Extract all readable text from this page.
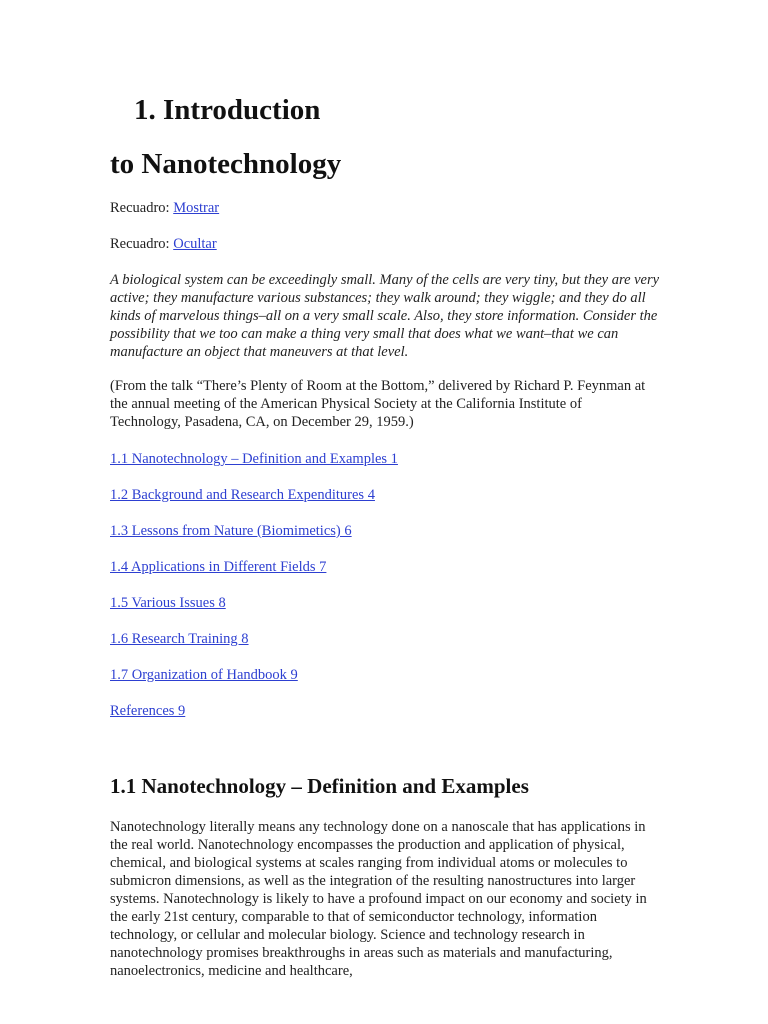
1. Introduction
to Nanotechnology
Recuadro: Mostrar
Recuadro: Ocultar

A biological system can be exceedingly small. Many of the cells are very tiny, but they are very active; they manufacture various substances; they walk around; they wiggle; and they do all kinds of marvelous things–all on a very small scale. Also, they store information. Consider the possibility that we too can make a thing very small that does what we want–that we can manufacture an object that maneuvers at that level.

(From the talk “There’s Plenty of Room at the Bottom,” delivered by Richard P. Feynman at the annual meeting of the American Physical Society at the California Institute of Technology, Pasadena, CA, on December 29, 1959.)

1.1 Nanotechnology – Definition and Examples 1
1.2 Background and Research Expenditures 4
1.3 Lessons from Nature (Biomimetics) 6
1.4 Applications in Different Fields 7
1.5 Various Issues 8
1.6 Research Training 8
1.7 Organization of Handbook 9
References 9
1.1 Nanotechnology – Definition and Examples

Nanotechnology literally means any technology done on a nanoscale that has applications in the real world. Nanotechnology encompasses the production and application of physical, chemical, and biological systems at scales ranging from individual atoms or molecules to submicron dimensions, as well as the integration of the resulting nanostructures into larger systems. Nanotechnology is likely to have a profound impact on our economy and society in the early 21st century, comparable to that of semiconductor technology, information technology, or cellular and molecular biology. Science and technology research in nanotechnology promises breakthroughs in areas such as materials and manufacturing, nanoelectronics, medicine and healthcare,
